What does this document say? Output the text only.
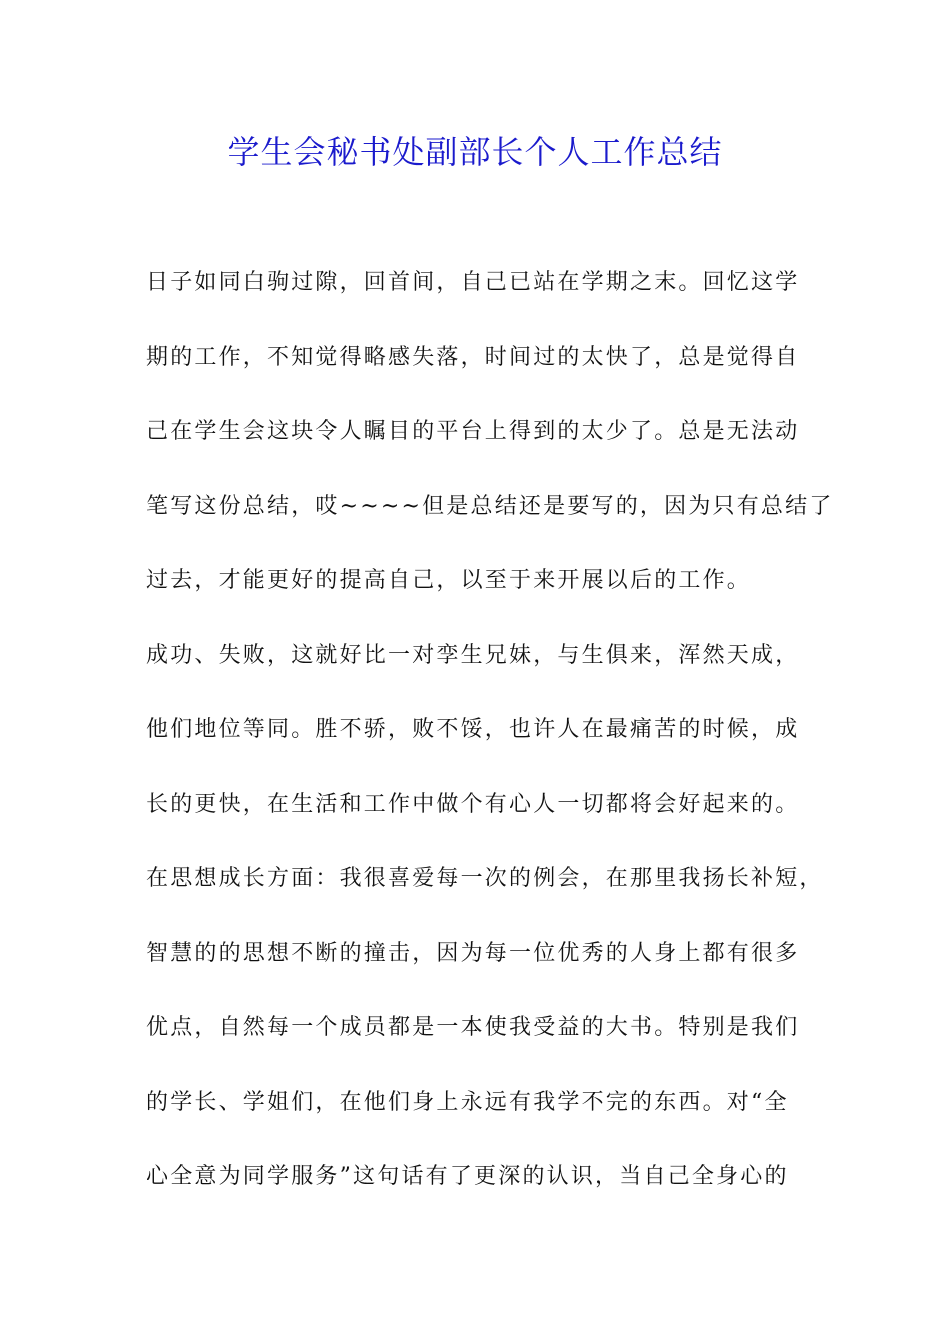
学生会秘书处副部长个人工作总结
日子如同白驹过隙，回首间，自己已站在学期之末。回忆这学
期的工作，不知觉得略感失落，时间过的太快了，总是觉得自
己在学生会这块令人瞩目的平台上得到的太少了。总是无法动
笔写这份总结，哎~~~~但是总结还是要写的，因为只有总结了
过去，才能更好的提高自己，以至于来开展以后的工作。
成功、失败，这就好比一对孪生兄妹，与生俱来，浑然天成，
他们地位等同。胜不骄，败不馁，也许人在最痛苦的时候，成
长的更快，在生活和工作中做个有心人一切都将会好起来的。
在思想成长方面：我很喜爱每一次的例会，在那里我扬长补短，
智慧的的思想不断的撞击，因为每一位优秀的人身上都有很多
优点，自然每一个成员都是一本使我受益的大书。特别是我们
的学长、学姐们，在他们身上永远有我学不完的东西。对“全
心全意为同学服务”这句话有了更深的认识，当自己全身心的
